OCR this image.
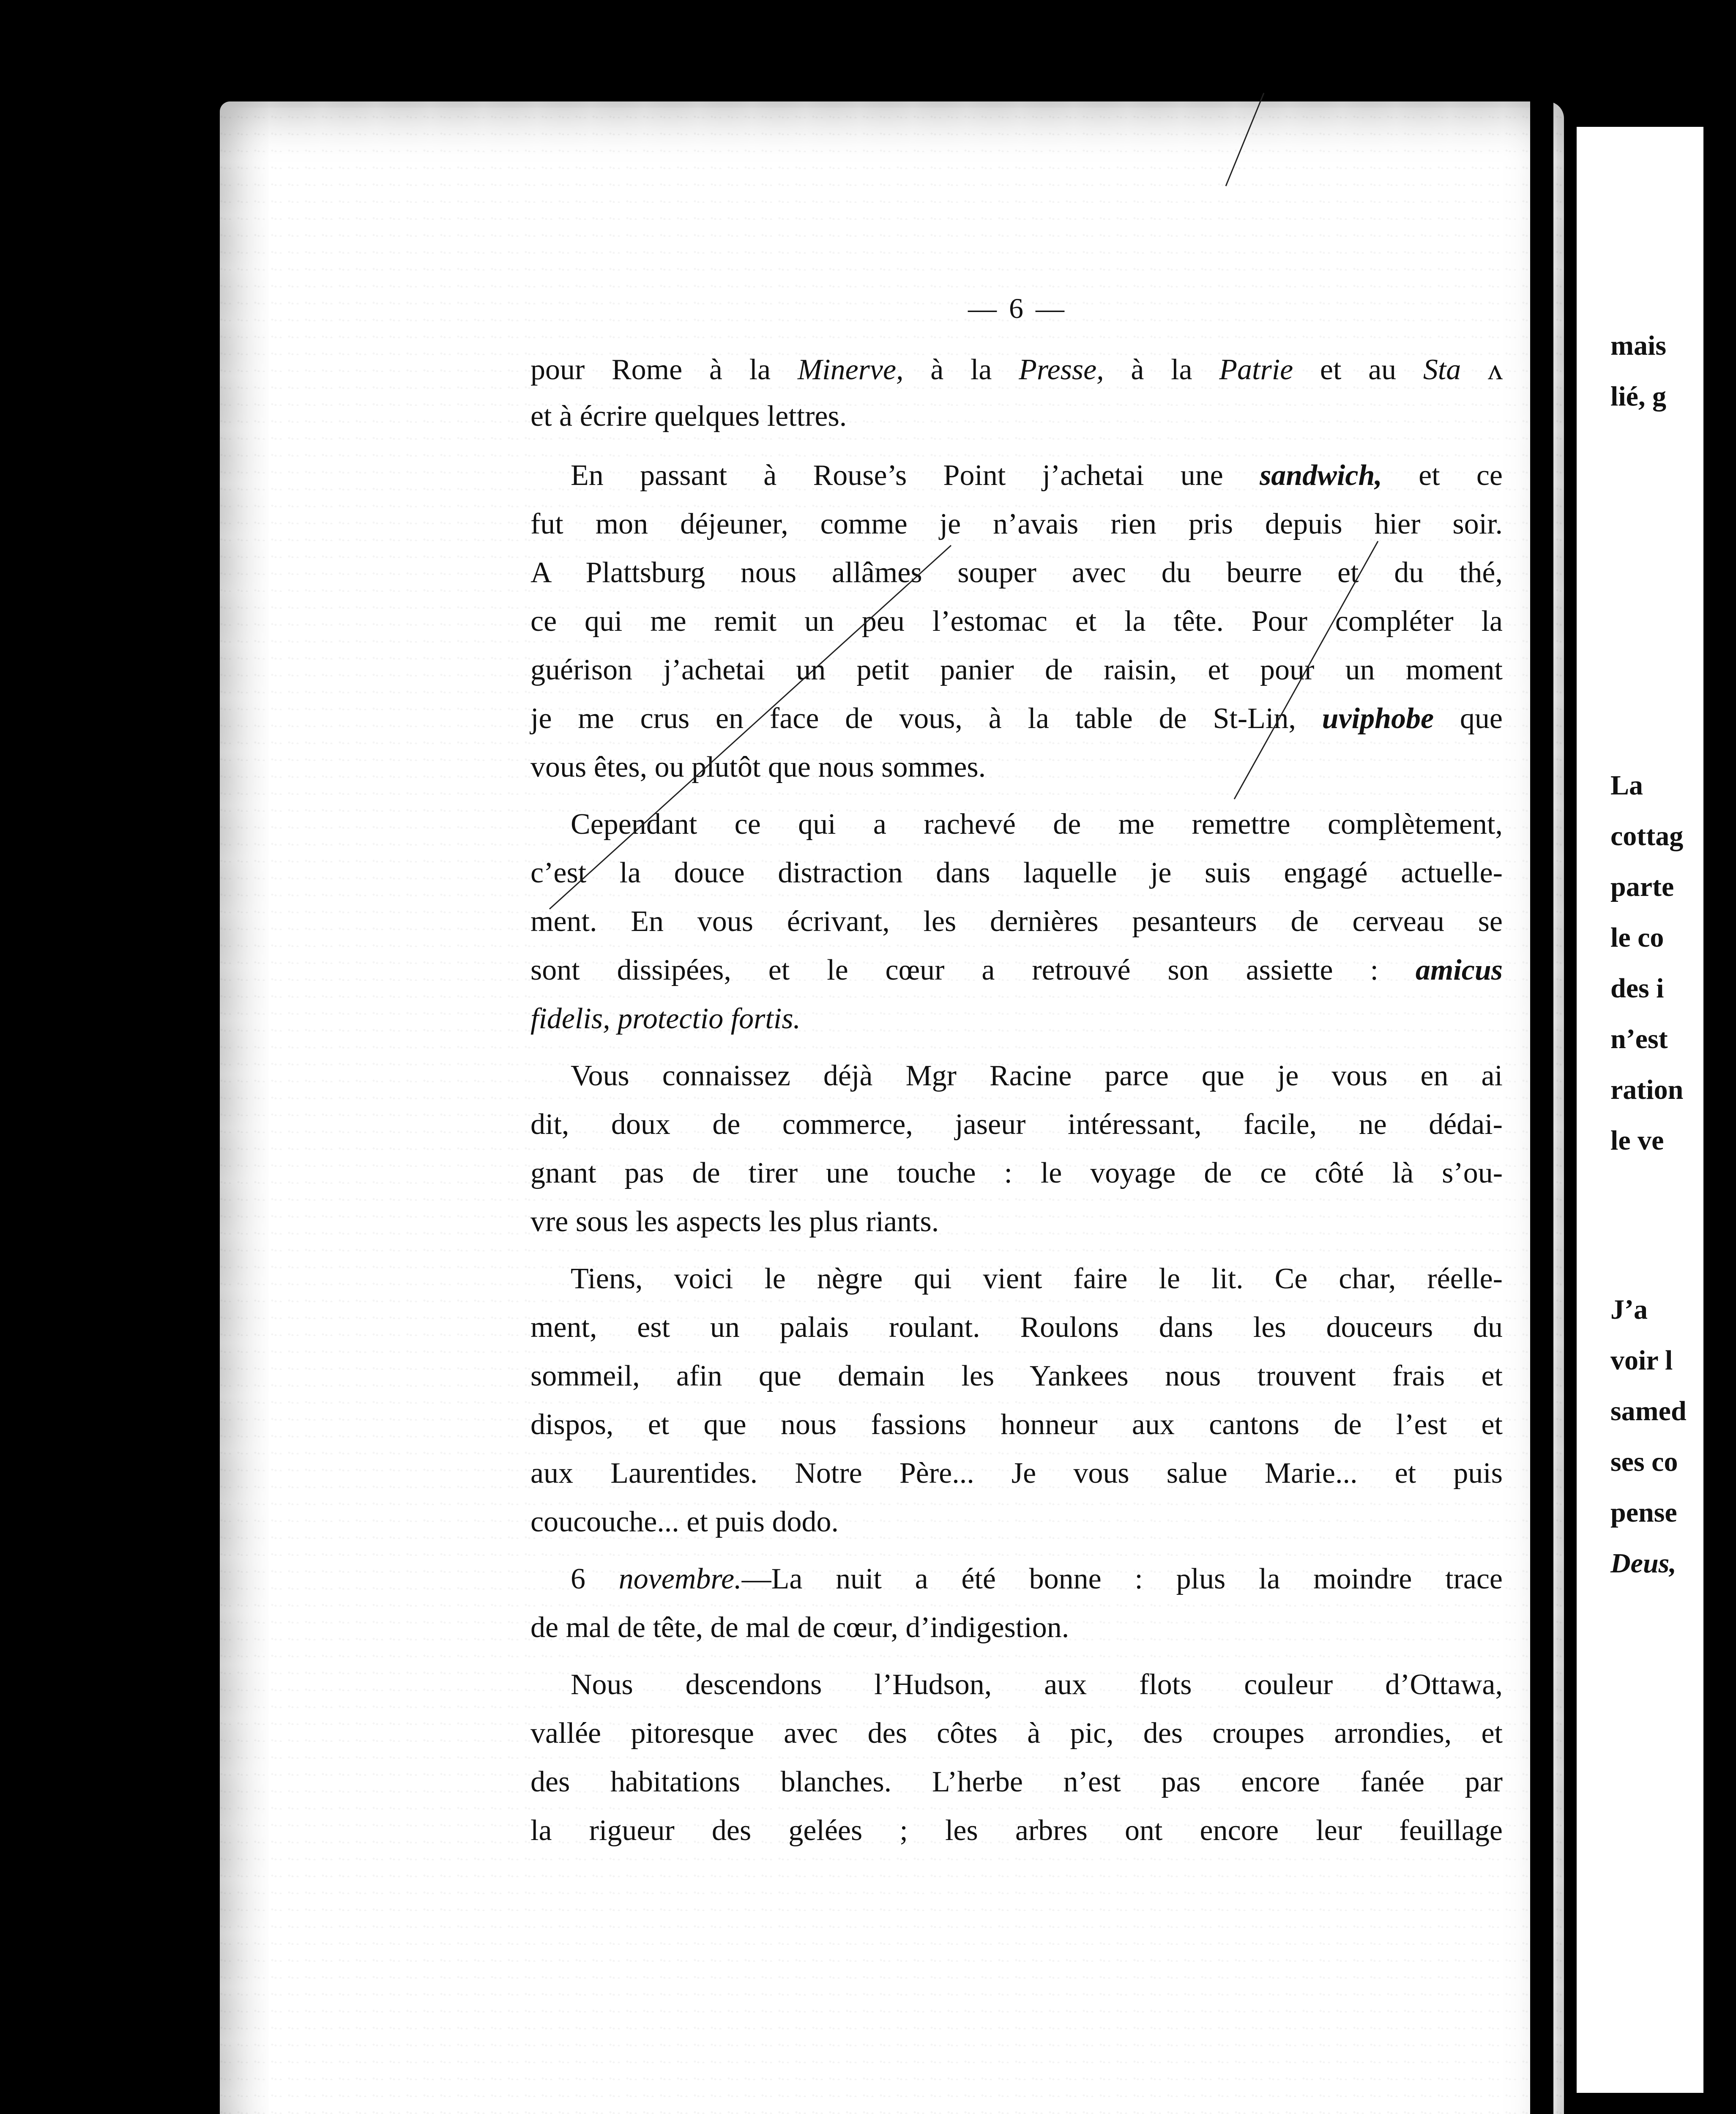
mais
lié, g
La
cottag
parte
le co
des i
n’est
ration
le ve
J’a
voir l
samed
ses co
pense
Deus,
— 6 —
pour Rome à la Minerve, à la Presse, à la Patrie et au Sta ʌ
et à écrire quelques lettres.
En passant à Rouse’s Point j’achetai une sandwich, et ce
fut mon déjeuner, comme je n’avais rien pris depuis hier soir.
A Plattsburg nous allâmes souper avec du beurre et du thé,
ce qui me remit un peu l’estomac et la tête. Pour compléter la
guérison j’achetai un petit panier de raisin, et pour un moment
je me crus en face de vous, à la table de St-Lin, uviphobe que
vous êtes, ou plutôt que nous sommes.
Cependant ce qui a rachevé de me remettre complètement,
c’est la douce distraction dans laquelle je suis engagé actuelle-
ment. En vous écrivant, les dernières pesanteurs de cerveau se
sont dissipées, et le cœur a retrouvé son assiette : amicus
fidelis, protectio fortis.
Vous connaissez déjà Mgr Racine parce que je vous en ai
dit, doux de commerce, jaseur intéressant, facile, ne dédai-
gnant pas de tirer une touche : le voyage de ce côté là s’ou-
vre sous les aspects les plus riants.
Tiens, voici le nègre qui vient faire le lit. Ce char, réelle-
ment, est un palais roulant. Roulons dans les douceurs du
sommeil, afin que demain les Yankees nous trouvent frais et
dispos, et que nous fassions honneur aux cantons de l’est et
aux Laurentides. Notre Père... Je vous salue Marie... et puis
coucouche... et puis dodo.
6 novembre.—La nuit a été bonne : plus la moindre trace
de mal de tête, de mal de cœur, d’indigestion.
Nous descendons l’Hudson, aux flots couleur d’Ottawa,
vallée pitoresque avec des côtes à pic, des croupes arrondies, et
des habitations blanches. L’herbe n’est pas encore fanée par
la rigueur des gelées ; les arbres ont encore leur feuillage
